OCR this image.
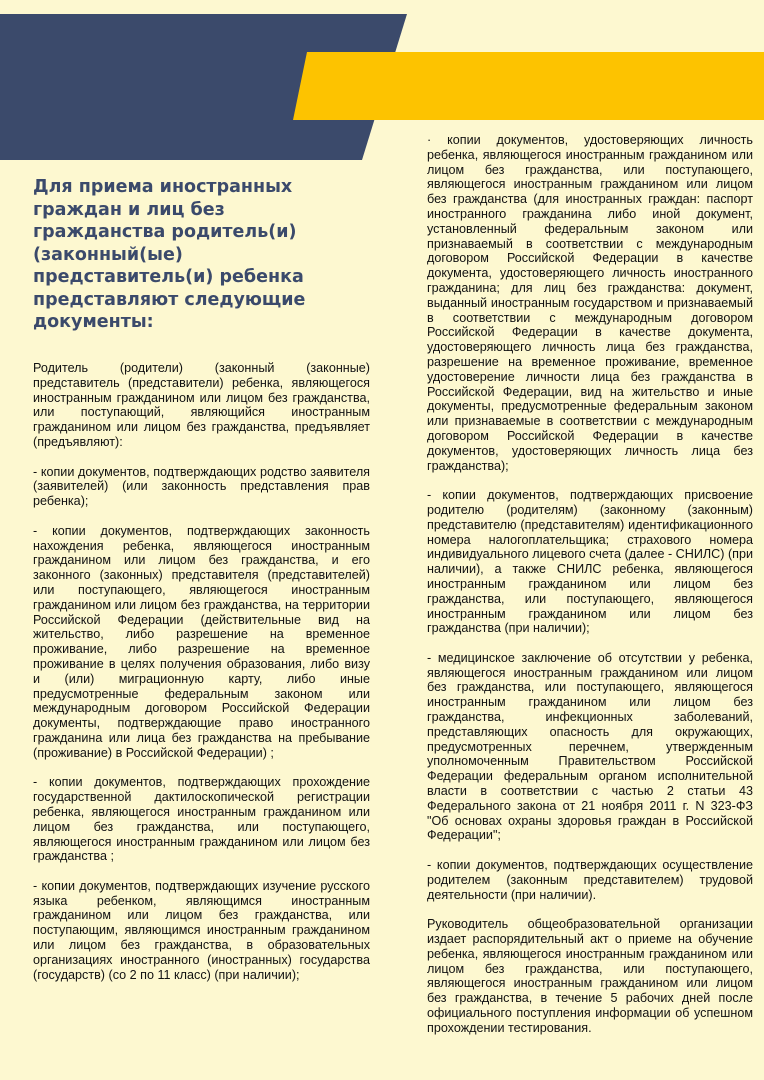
Для приема иностранных граждан и лиц без гражданства родитель(и) (законный(ые) представитель(и) ребенка представляют следующие документы:

Родитель (родители) (законный (законные) представитель (представители) ребенка, являющегося иностранным гражданином или лицом без гражданства, или поступающий, являющийся иностранным гражданином или лицом без гражданства, предъявляет (предъявляют):

- копии документов, подтверждающих родство заявителя (заявителей) (или законность представления прав ребенка);

- копии документов, подтверждающих законность нахождения ребенка, являющегося иностранным гражданином или лицом без гражданства, и его законного (законных) представителя (представителей) или поступающего, являющегося иностранным гражданином или лицом без гражданства, на территории Российской Федерации (действительные вид на жительство, либо разрешение на временное проживание, либо разрешение на временное проживание в целях получения образования, либо визу и (или) миграционную карту, либо иные предусмотренные федеральным законом или международным договором Российской Федерации документы, подтверждающие право иностранного гражданина или лица без гражданства на пребывание (проживание) в Российской Федерации) ;

- копии документов, подтверждающих прохождение государственной дактилоскопической регистрации ребенка, являющегося иностранным гражданином или лицом без гражданства, или поступающего, являющегося иностранным гражданином или лицом без гражданства ;

- копии документов, подтверждающих изучение русского языка ребенком, являющимся иностранным гражданином или лицом без гражданства, или поступающим, являющимся иностранным гражданином или лицом без гражданства, в образовательных организациях иностранного (иностранных) государства (государств) (со 2 по 11 класс) (при наличии);

· копии документов, удостоверяющих личность ребенка, являющегося иностранным гражданином или лицом без гражданства, или поступающего, являющегося иностранным гражданином или лицом без гражданства (для иностранных граждан: паспорт иностранного гражданина либо иной документ, установленный федеральным законом или признаваемый в соответствии с международным договором Российской Федерации в качестве документа, удостоверяющего личность иностранного гражданина; для лиц без гражданства: документ, выданный иностранным государством и признаваемый в соответствии с международным договором Российской Федерации в качестве документа, удостоверяющего личность лица без гражданства, разрешение на временное проживание, временное удостоверение личности лица без гражданства в Российской Федерации, вид на жительство и иные документы, предусмотренные федеральным законом или признаваемые в соответствии с международным договором Российской Федерации в качестве документов, удостоверяющих личность лица без гражданства);

- копии документов, подтверждающих присвоение родителю (родителям) (законному (законным) представителю (представителям) идентификационного номера налогоплательщика; страхового номера индивидуального лицевого счета (далее - СНИЛС) (при наличии), а также СНИЛС ребенка, являющегося иностранным гражданином или лицом без гражданства, или поступающего, являющегося иностранным гражданином или лицом без гражданства (при наличии);

- медицинское заключение об отсутствии у ребенка, являющегося иностранным гражданином или лицом без гражданства, или поступающего, являющегося иностранным гражданином или лицом без гражданства, инфекционных заболеваний, представляющих опасность для окружающих, предусмотренных перечнем, утвержденным уполномоченным Правительством Российской Федерации федеральным органом исполнительной власти в соответствии с частью 2 статьи 43 Федерального закона от 21 ноября 2011 г. N 323-ФЗ "Об основах охраны здоровья граждан в Российской Федерации";

- копии документов, подтверждающих осуществление родителем (законным представителем) трудовой деятельности (при наличии).

Руководитель общеобразовательной организации издает распорядительный акт о приеме на обучение ребенка, являющегося иностранным гражданином или лицом без гражданства, или поступающего, являющегося иностранным гражданином или лицом без гражданства, в течение 5 рабочих дней после официального поступления информации об успешном прохождении тестирования.
